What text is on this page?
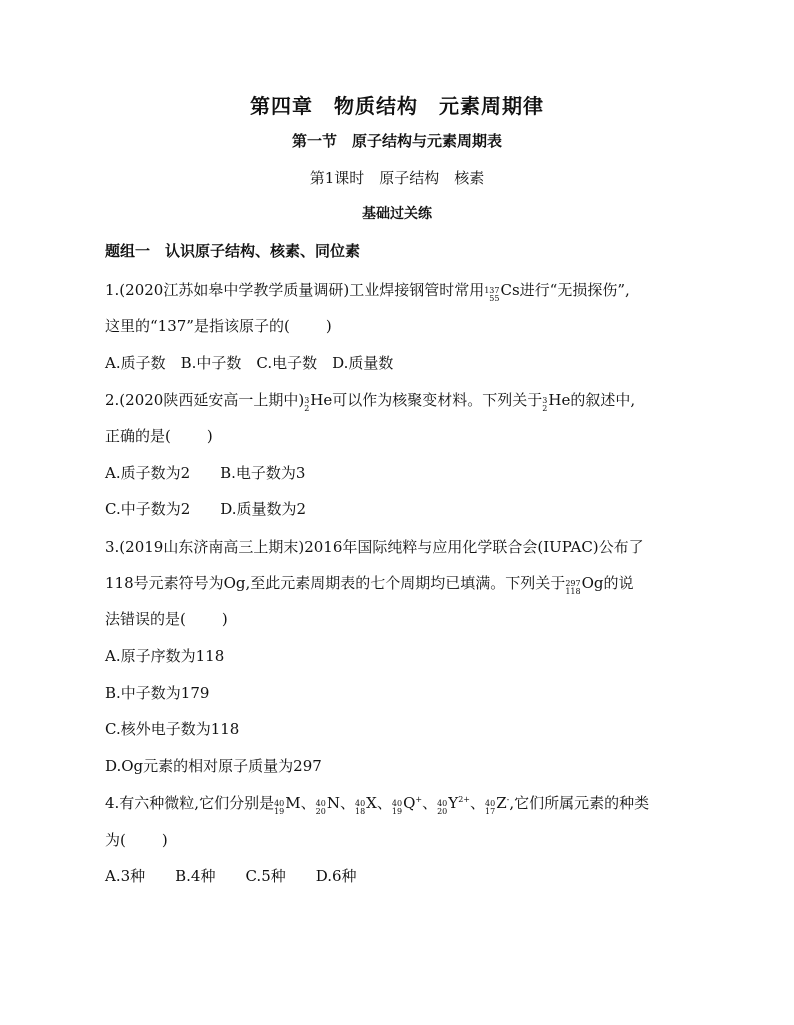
第四章　物质结构　元素周期律
第一节　原子结构与元素周期表
第1课时　原子结构　核素
基础过关练
题组一　认识原子结构、核素、同位素
1.(2020江苏如皋中学教学质量调研)工业焊接钢管时常用 137
55 Cs进行“无损探伤”,
这里的“137”是指该原子的( )
A.质子数　B.中子数　C.电子数　D.质量数
2.(2020陕西延安高一上期中) 3
2 He可以作为核聚变材料。下列关于 3
2 He的叙述中,
正确的是( )
A.质子数为2　　B.电子数为3
C.中子数为2　　D.质量数为2
3.(2019山东济南高三上期末)2016年国际纯粹与应用化学联合会(IUPAC)公布了
118号元素符号为Og,至此元素周期表的七个周期均已填满。下列关于 297
118 Og的说
法错误的是( )
A.原子序数为118
B.中子数为179
C.核外电子数为118
D.Og元素的相对原子质量为297
4.有六种微粒,它们分别是 40
19 M、 40
20 N、 40
18 X、 40
19 Q+、 40
20 $Y^{2+}$、 40
17 Z-,它们所属元素的种类
为( )
A.3种　　B.4种　　C.5种　　D.6种
